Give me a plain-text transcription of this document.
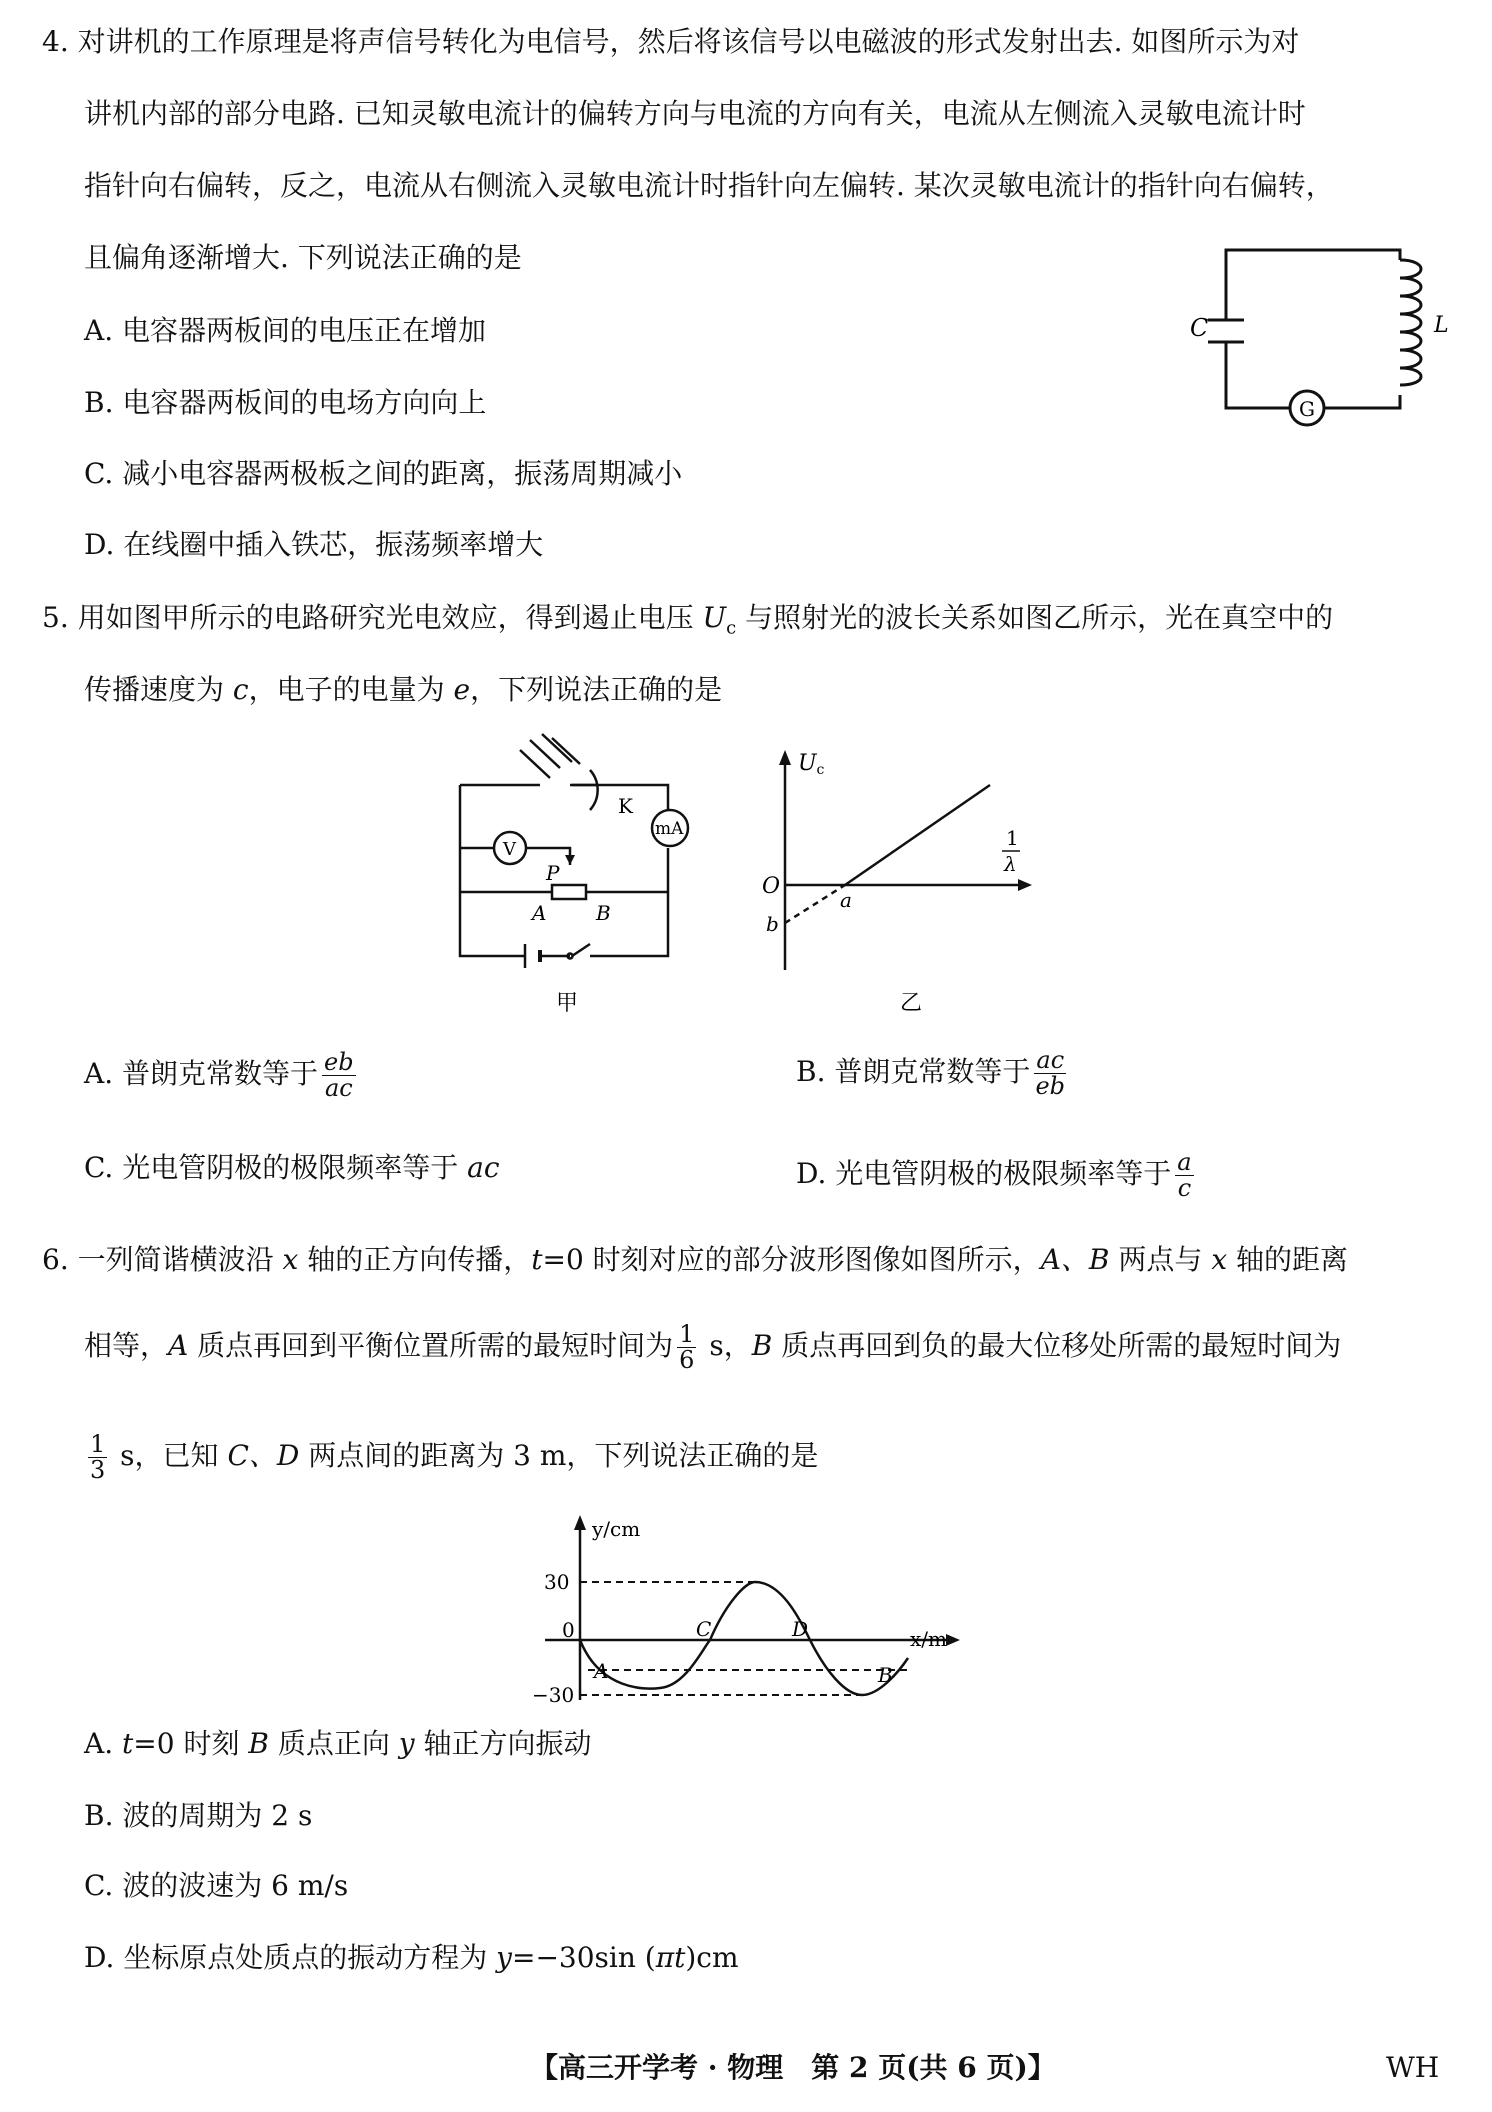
4. 对讲机的工作原理是将声信号转化为电信号，然后将该信号以电磁波的形式发射出去. 如图所示为对
讲机内部的部分电路. 已知灵敏电流计的偏转方向与电流的方向有关，电流从左侧流入灵敏电流计时
指针向右偏转，反之，电流从右侧流入灵敏电流计时指针向左偏转. 某次灵敏电流计的指针向右偏转，
且偏角逐渐增大. 下列说法正确的是
A. 电容器两板间的电压正在增加
B. 电容器两板间的电场方向向上
C. 减小电容器两极板之间的距离，振荡周期减小
D. 在线圈中插入铁芯，振荡频率增大
C	L
G
5. 用如图甲所示的电路研究光电效应，得到遏止电压 $U_c$ 与照射光的波长关系如图乙所示，光在真空中的
传播速度为 c，电子的电量为 e，下列说法正确的是
K
mA
V
P
A B
甲
Uc
1
λ
O
a
b
乙
A. 普朗克常数等于 $\frac{eb}{ac}$	B. 普朗克常数等于 $\frac{ac}{eb}$
C. 光电管阴极的极限频率等于 ac	D. 光电管阴极的极限频率等于 $\frac{a}{c}$
6. 一列简谐横波沿 x 轴的正方向传播，t=0 时刻对应的部分波形图像如图所示，A、B 两点与 x 轴的距离
相等，A 质点再回到平衡位置所需的最短时间为 $\frac{1}{6}$ s，B 质点再回到负的最大位移处所需的最短时间为
$\frac{1}{3}$ s，已知 C、D 两点间的距离为 3 m，下列说法正确的是
y/cm
x/m
30
−30
0
A	B
C	D
A. t=0 时刻 B 质点正向 y 轴正方向振动
B. 波的周期为 2 s
C. 波的波速为 6 m/s
D. 坐标原点处质点的振动方程为 y=−30sin (πt)cm
【高三开学考 · 物理　第 2 页(共 6 页)】	WH
